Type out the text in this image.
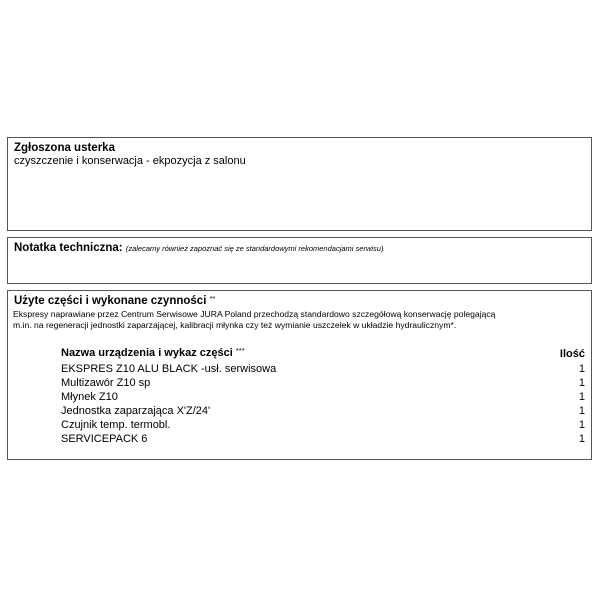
Zgłoszona usterka
czyszczenie i konserwacja - ekpozycja z salonu
Notatka techniczna: (zalecamy również zapoznać się ze standardowymi rekomendacjami serwisu)
Użyte części i wykonane czynności **
Ekspresy naprawiane przez Centrum Serwisowe JURA Poland przechodzą standardowo szczegółową konserwację polegającą
m.in. na regeneracji jednostki zaparzającej, kalibracji młynka czy też wymianie uszczelek w układzie hydraulicznym*.
Nazwa urządzenia i wykaz części ***	Ilość
EKSPRES Z10 ALU BLACK -usł. serwisowa	1
Multizawór Z10 sp	1
Młynek Z10	1
Jednostka zaparzająca X'Z/24'	1
Czujnik temp. termobl.	1
SERVICEPACK 6	1
